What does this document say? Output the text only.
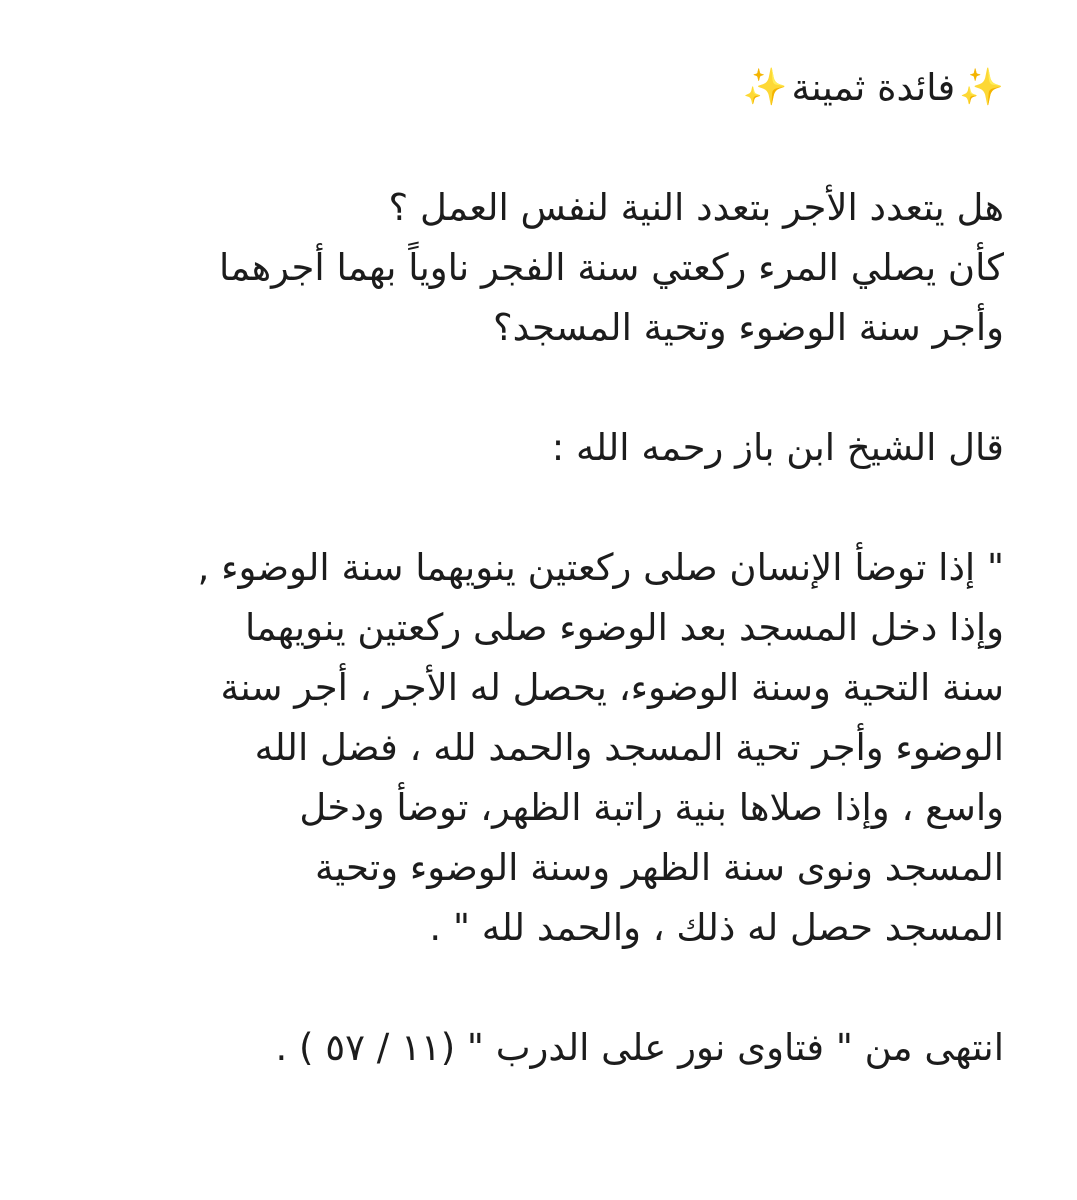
✨
فائدة ثمينة
✨
هل يتعدد الأجر بتعدد النية لنفس العمل ؟
كأن يصلي المرء ركعتي سنة الفجر ناوياً بهما أجرهما
وأجر سنة الوضوء وتحية المسجد؟
قال الشيخ ابن باز رحمه الله :
" إذا توضأ الإنسان صلى ركعتين ينويهما سنة الوضوء ,
وإذا دخل المسجد بعد الوضوء صلى ركعتين ينويهما
سنة التحية وسنة الوضوء، يحصل له الأجر ، أجر سنة
الوضوء وأجر تحية المسجد والحمد لله ، فضل الله
واسع ، وإذا صلاها بنية راتبة الظهر، توضأ ودخل
المسجد ونوى سنة الظهر وسنة الوضوء وتحية
المسجد حصل له ذلك ، والحمد لله " .
انتهى من " فتاوى نور على الدرب " (١١ / ٥٧ ) .
